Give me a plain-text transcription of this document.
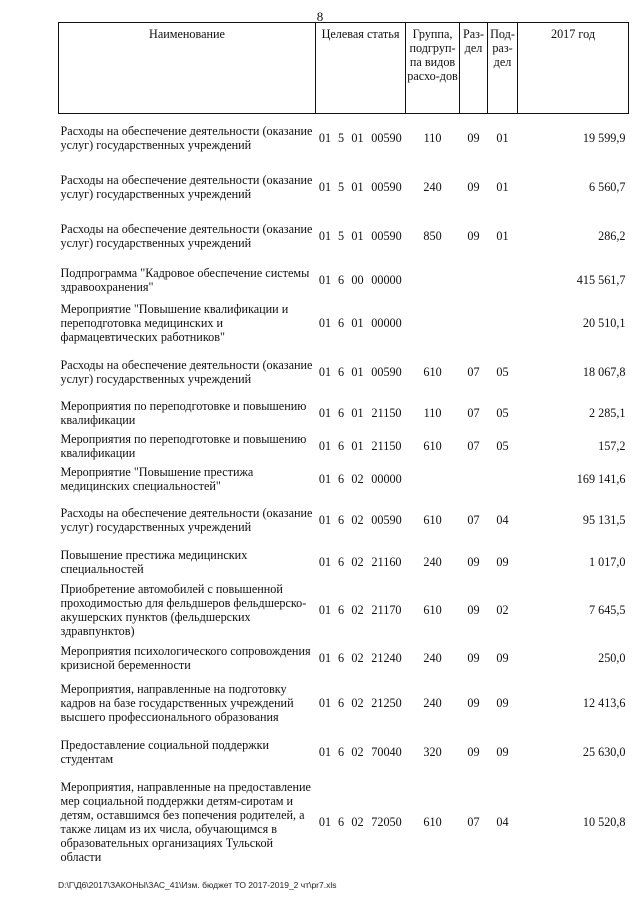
8
Наименование	Целевая статья				Группа, подгруп-па видов расхо-дов	Раз-дел	Под-раз-дел	2017 год
Расходы на обеспечение деятельности (оказание услуг) государственных учреждений	01	5	01	00590	110	09	01	19 599,9
Расходы на обеспечение деятельности (оказание услуг) государственных учреждений	01	5	01	00590	240	09	01	6 560,7
Расходы на обеспечение деятельности (оказание услуг) государственных учреждений	01	5	01	00590	850	09	01	286,2
Подпрограмма "Кадровое обеспечение системы здравоохранения"	01	6	00	00000				415 561,7
Мероприятие "Повышение квалификации и переподготовка медицинских и фармацевтических работников"	01	6	01	00000				20 510,1
Расходы на обеспечение деятельности (оказание услуг) государственных учреждений	01	6	01	00590	610	07	05	18 067,8
Мероприятия по переподготовке и повышению квалификации	01	6	01	21150	110	07	05	2 285,1
Мероприятия по переподготовке и повышению квалификации	01	6	01	21150	610	07	05	157,2
Мероприятие "Повышение престижа медицинских специальностей"	01	6	02	00000				169 141,6
Расходы на обеспечение деятельности (оказание услуг) государственных учреждений	01	6	02	00590	610	07	04	95 131,5
Повышение престижа медицинских специальностей	01	6	02	21160	240	09	09	1 017,0
Приобретение автомобилей с повышенной проходимостью для фельдшеров фельдшерско-акушерских пунктов (фельдшерских здравпунктов)	01	6	02	21170	610	09	02	7 645,5
Мероприятия психологического сопровождения кризисной беременности	01	6	02	21240	240	09	09	250,0
Мероприятия, направленные на подготовку кадров на базе государственных учреждений высшего профессионального образования	01	6	02	21250	240	09	09	12 413,6
Предоставление социальной поддержки студентам	01	6	02	70040	320	09	09	25 630,0
Мероприятия, направленные на предоставление мер социальной поддержки детям-сиротам и детям, оставшимся без попечения родителей, а также лицам из их числа, обучающимся в образовательных организациях Тульской области	01	6	02	72050	610	07	04	10 520,8
D:\Г\Д6\2017\ЗАКОНЫ\ЗАС_41\Изм. бюджет ТО 2017-2019_2 чт\pr7.xls
